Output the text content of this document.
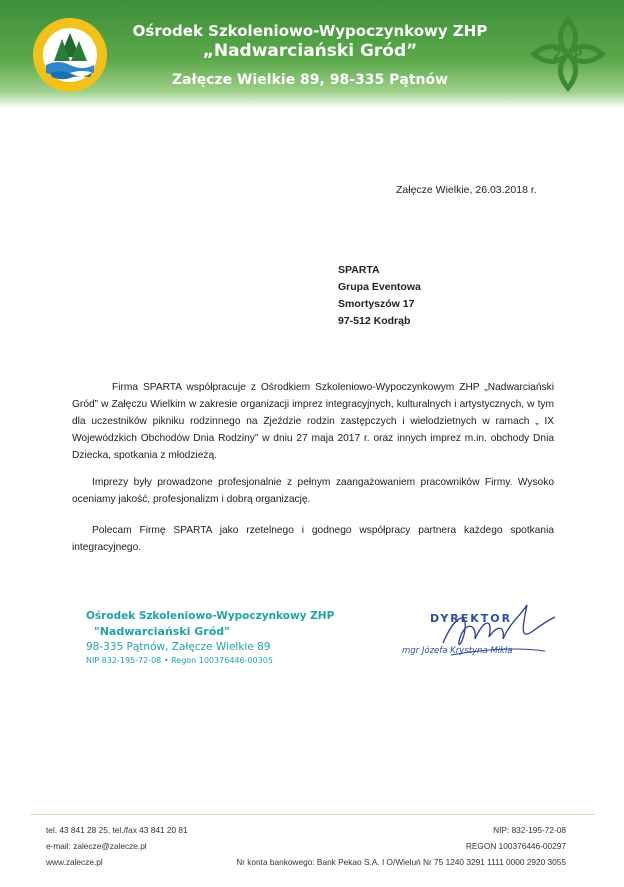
ZHP
Ośrodek Szkoleniowo-Wypoczynkowy ZHP
„Nadwarciański Gród”
Załęcze Wielkie 89, 98-335 Pątnów
Załęcze Wielkie, 26.03.2018 r.
SPARTA
Grupa Eventowa
Smortyszów 17
97-512 Kodrąb
Firma SPARTA współpracuje z Ośrodkiem Szkoleniowo-Wypoczynkowym ZHP „Nadwarciański Gród” w Załęczu Wielkim w zakresie organizacji imprez integracyjnych, kulturalnych i artystycznych, w tym dla uczestników pikniku rodzinnego na Zjeździe rodzin zastępczych i wielodzietnych w ramach „ IX Wojewódzkich Obchodów Dnia Rodziny” w dniu 27 maja 2017 r. oraz innych imprez m.in. obchody Dnia Dziecka, spotkania z młodzieżą.
Imprezy były prowadzone profesjonalnie z pełnym zaangażowaniem pracowników Firmy. Wysoko oceniamy jakość, profesjonalizm i dobrą organizację.
Polecam Firmę SPARTA jako rzetelnego i godnego współpracy partnera każdego spotkania integracyjnego.
Ośrodek Szkoleniowo-Wypoczynkowy ZHP
"Nadwarciański Gród"
98-335 Pątnów, Załęcze Wielkie 89
NIP 832-195-72-08 • Regon 100376446-00305
DYREKTOR
mgr Józefa Krystyna Mikła
tel. 43 841 28 25, tel./fax 43 841 20 81
e-mail: zalecze@zalecze.pl
www.zalecze.pl
NIP: 832-195-72-08
REGON 100376446-00297
Nr konta bankowego: Bank Pekao S.A. I O/Wieluń Nr 75 1240 3291 1111 0000 2920 3055
